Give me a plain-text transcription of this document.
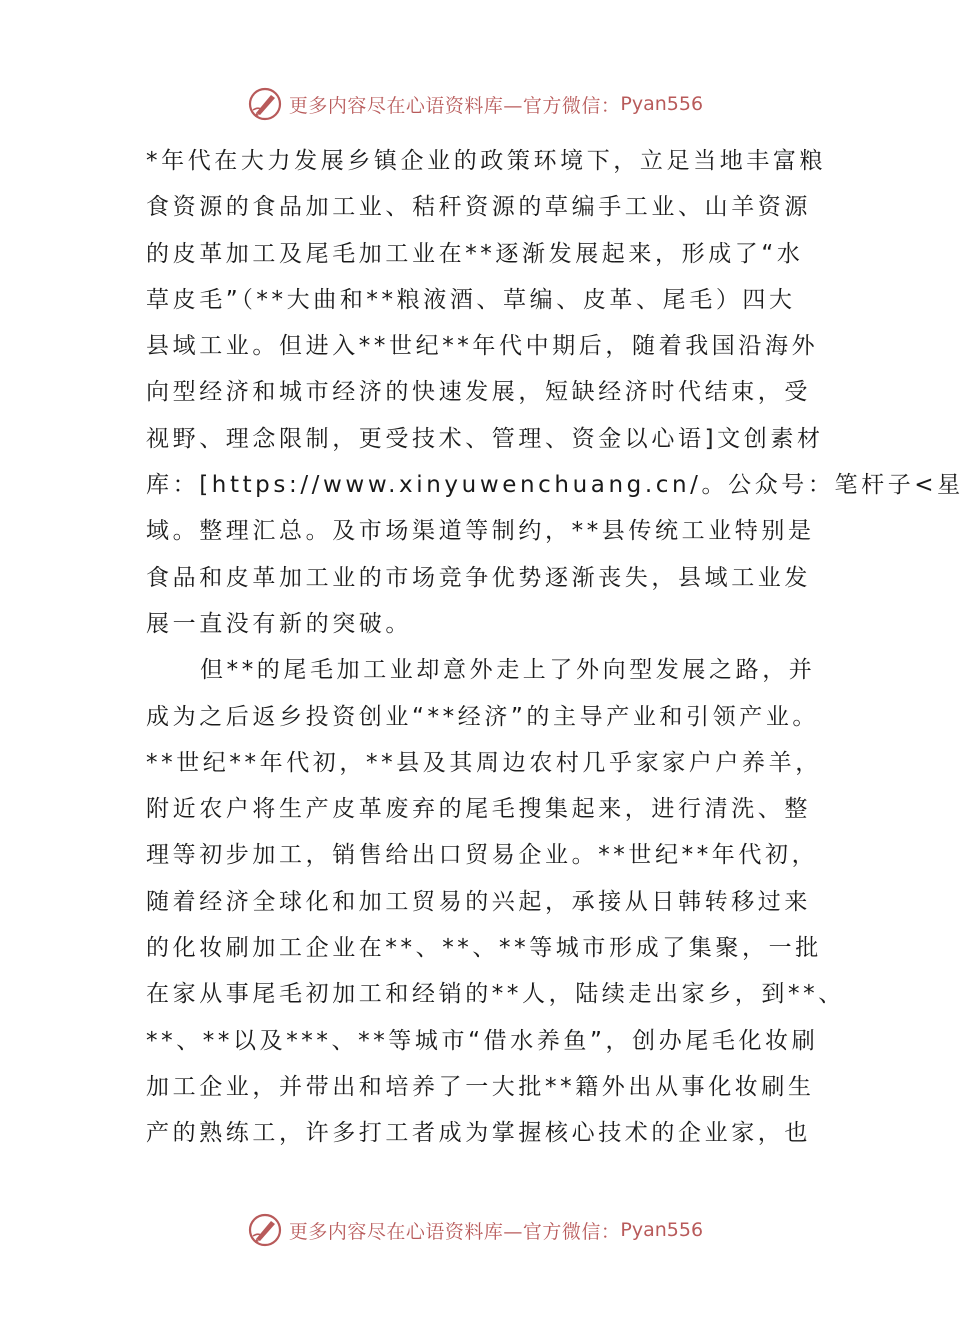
更多内容尽在心语资料库—官方微信： Pyan556
*年代在大力发展乡镇企业的政策环境下，立足当地丰富粮
食资源的食品加工业、秸秆资源的草编手工业、山羊资源
的皮革加工及尾毛加工业在**逐渐发展起来，形成了“水
草皮毛”（**大曲和**粮液酒、草编、皮革、尾毛）四大
县域工业。但进入**世纪**年代中期后，随着我国沿海外
向型经济和城市经济的快速发展，短缺经济时代结束，受
视野、理念限制，更受技术、管理、资金以心语]文创素材
库：[https://www.xinyuwenchuang.cn/。公众号：笔杆子<星
域。整理汇总。及市场渠道等制约，**县传统工业特别是
食品和皮革加工业的市场竞争优势逐渐丧失，县域工业发
展一直没有新的突破。
但**的尾毛加工业却意外走上了外向型发展之路，并
成为之后返乡投资创业“**经济”的主导产业和引领产业。
**世纪**年代初，**县及其周边农村几乎家家户户养羊，
附近农户将生产皮革废弃的尾毛搜集起来，进行清洗、整
理等初步加工，销售给出口贸易企业。**世纪**年代初，
随着经济全球化和加工贸易的兴起，承接从日韩转移过来
的化妆刷加工企业在**、**、**等城市形成了集聚，一批
在家从事尾毛初加工和经销的**人，陆续走出家乡，到**、
**、**以及***、**等城市“借水养鱼”，创办尾毛化妆刷
加工企业，并带出和培养了一大批**籍外出从事化妆刷生
产的熟练工，许多打工者成为掌握核心技术的企业家，也
更多内容尽在心语资料库—官方微信： Pyan556
